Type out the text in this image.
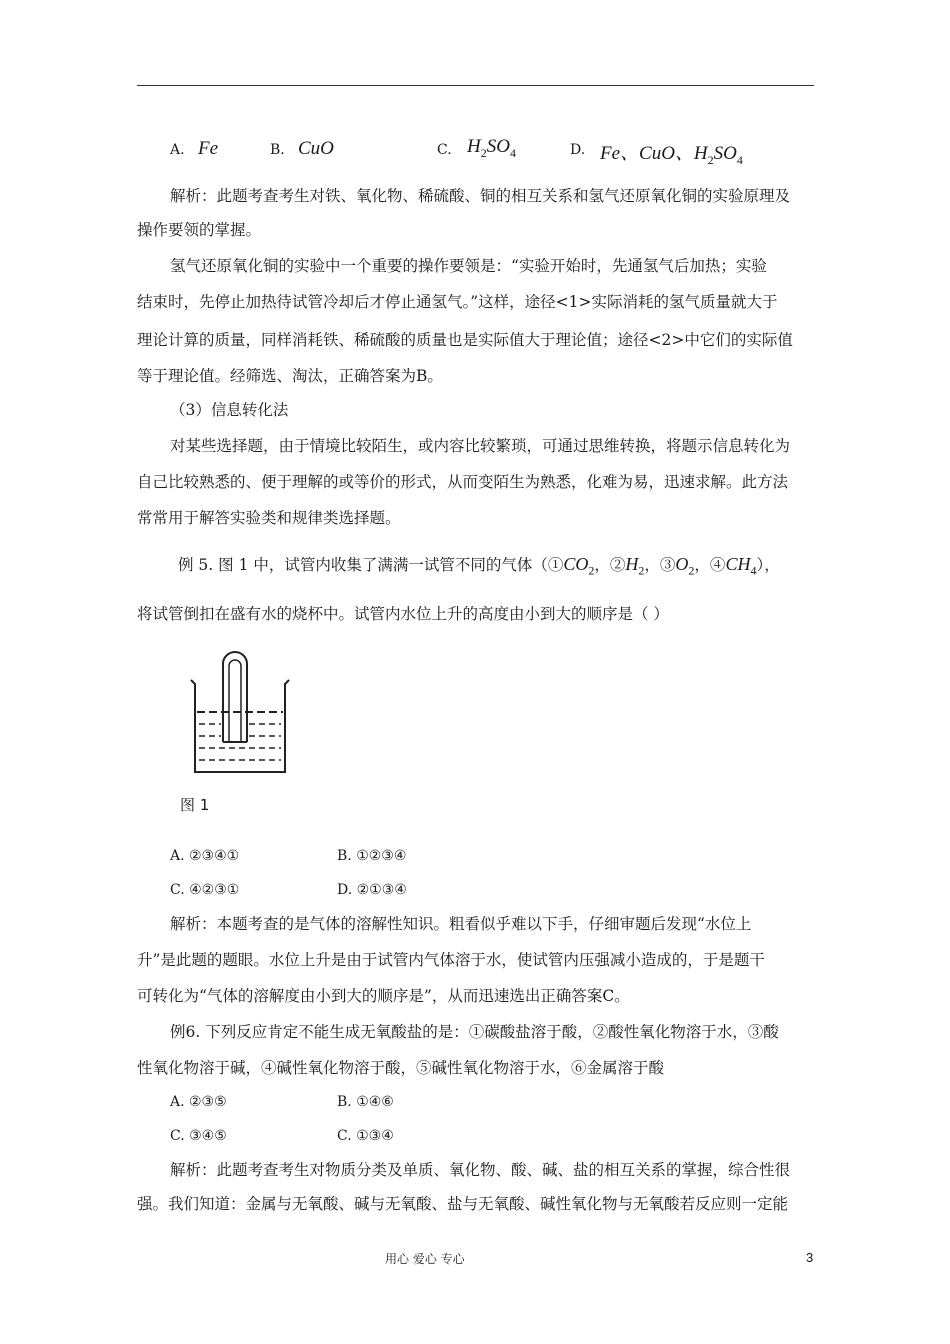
A. Fe	B. CuO	C. $H_2SO_4$	D. Fe、CuO、$H_2SO_4$
解析：此题考查考生对铁、氧化物、稀硫酸、铜的相互关系和氢气还原氧化铜的实验原理及
操作要领的掌握。
氢气还原氧化铜的实验中一个重要的操作要领是：“实验开始时，先通氢气后加热；实验
结束时，先停止加热待试管冷却后才停止通氢气。”这样，途径<1>实际消耗的氢气质量就大于
理论计算的质量，同样消耗铁、稀硫酸的质量也是实际值大于理论值；途径<2>中它们的实际值
等于理论值。经筛选、淘汰，正确答案为B。
（3）信息转化法
对某些选择题，由于情境比较陌生，或内容比较繁琐，可通过思维转换，将题示信息转化为
自己比较熟悉的、便于理解的或等价的形式，从而变陌生为熟悉，化难为易，迅速求解。此方法
常常用于解答实验类和规律类选择题。
例 5. 图 1 中，试管内收集了满满一试管不同的气体（$①CO_2$，$②H_2$，$③O_2$，$④CH_4$），
将试管倒扣在盛有水的烧杯中。试管内水位上升的高度由小到大的顺序是（ ）
图 1
A. ②③④①	B. ①②③④
C. ④②③①	D. ②①③④
解析：本题考查的是气体的溶解性知识。粗看似乎难以下手，仔细审题后发现“水位上
升”是此题的题眼。水位上升是由于试管内气体溶于水，使试管内压强减小造成的，于是题干
可转化为“气体的溶解度由小到大的顺序是”，从而迅速选出正确答案C。
例6. 下列反应肯定不能生成无氧酸盐的是：①碳酸盐溶于酸，②酸性氧化物溶于水，③酸
性氧化物溶于碱，④碱性氧化物溶于酸，⑤碱性氧化物溶于水，⑥金属溶于酸
A. ②③⑤	B. ①④⑥
C. ③④⑤	C. ①③④
解析：此题考查考生对物质分类及单质、氧化物、酸、碱、盐的相互关系的掌握，综合性很
强。我们知道：金属与无氧酸、碱与无氧酸、盐与无氧酸、碱性氧化物与无氧酸若反应则一定能
用心 爱心 专心	3
